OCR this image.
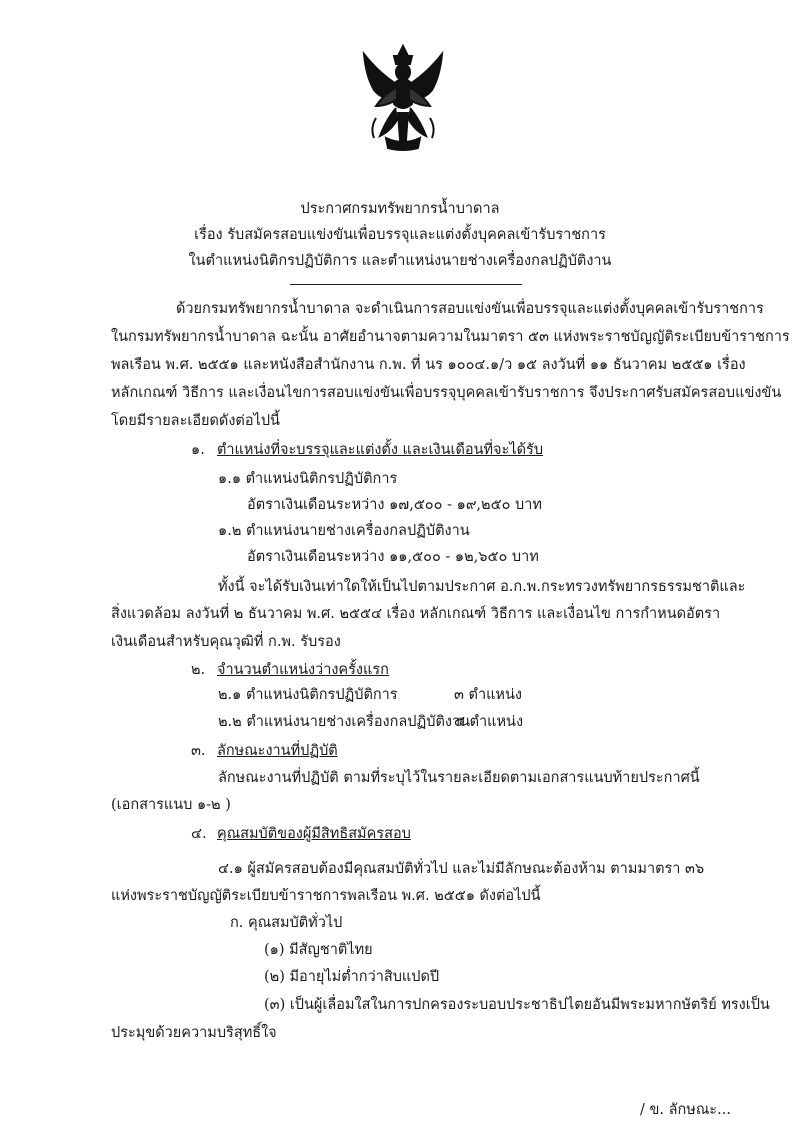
ประกาศกรมทรัพยากรน้ำบาดาล
เรื่อง รับสมัครสอบแข่งขันเพื่อบรรจุและแต่งตั้งบุคคลเข้ารับราชการ
ในตำแหน่งนิติกรปฏิบัติการ และตำแหน่งนายช่างเครื่องกลปฏิบัติงาน
ด้วยกรมทรัพยากรน้ำบาดาล จะดำเนินการสอบแข่งขันเพื่อบรรจุและแต่งตั้งบุคคลเข้ารับราชการ
ในกรมทรัพยากรน้ำบาดาล ฉะนั้น อาศัยอำนาจตามความในมาตรา ๕๓ แห่งพระราชบัญญัติระเบียบข้าราชการ
พลเรือน พ.ศ. ๒๕๕๑ และหนังสือสำนักงาน ก.พ. ที่ นร ๑๐๐๔.๑/ว ๑๕ ลงวันที่ ๑๑ ธันวาคม ๒๕๕๑ เรื่อง
หลักเกณฑ์ วิธีการ และเงื่อนไขการสอบแข่งขันเพื่อบรรจุบุคคลเข้ารับราชการ จึงประกาศรับสมัครสอบแข่งขัน
โดยมีรายละเอียดดังต่อไปนี้
๑. ตำแหน่งที่จะบรรจุและแต่งตั้ง และเงินเดือนที่จะได้รับ
๑.๑ ตำแหน่งนิติกรปฏิบัติการ
อัตราเงินเดือนระหว่าง ๑๗,๕๐๐ - ๑๙,๒๕๐ บาท
๑.๒ ตำแหน่งนายช่างเครื่องกลปฏิบัติงาน
อัตราเงินเดือนระหว่าง ๑๑,๕๐๐ - ๑๒,๖๕๐ บาท
ทั้งนี้ จะได้รับเงินเท่าใดให้เป็นไปตามประกาศ อ.ก.พ.กระทรวงทรัพยากรธรรมชาติและ
สิ่งแวดล้อม ลงวันที่ ๒ ธันวาคม พ.ศ. ๒๕๕๔ เรื่อง หลักเกณฑ์ วิธีการ และเงื่อนไข การกำหนดอัตรา
เงินเดือนสำหรับคุณวุฒิที่ ก.พ. รับรอง
๒. จำนวนตำแหน่งว่างครั้งแรก
๒.๑ ตำแหน่งนิติกรปฏิบัติการ	๓ ตำแหน่ง
๒.๒ ตำแหน่งนายช่างเครื่องกลปฏิบัติงาน
๕ ตำแหน่ง
๓. ลักษณะงานที่ปฏิบัติ
ลักษณะงานที่ปฏิบัติ ตามที่ระบุไว้ในรายละเอียดตามเอกสารแนบท้ายประกาศนี้
(เอกสารแนบ ๑-๒ )
๔. คุณสมบัติของผู้มีสิทธิสมัครสอบ
๔.๑ ผู้สมัครสอบต้องมีคุณสมบัติทั่วไป และไม่มีลักษณะต้องห้าม ตามมาตรา ๓๖
แห่งพระราชบัญญัติระเบียบข้าราชการพลเรือน พ.ศ. ๒๕๕๑ ดังต่อไปนี้
ก. คุณสมบัติทั่วไป
(๑) มีสัญชาติไทย
(๒) มีอายุไม่ต่ำกว่าสิบแปดปี
(๓) เป็นผู้เลื่อมใสในการปกครองระบอบประชาธิปไตยอันมีพระมหากษัตริย์ ทรงเป็น
ประมุขด้วยความบริสุทธิ์ใจ
/ ข. ลักษณะ...
